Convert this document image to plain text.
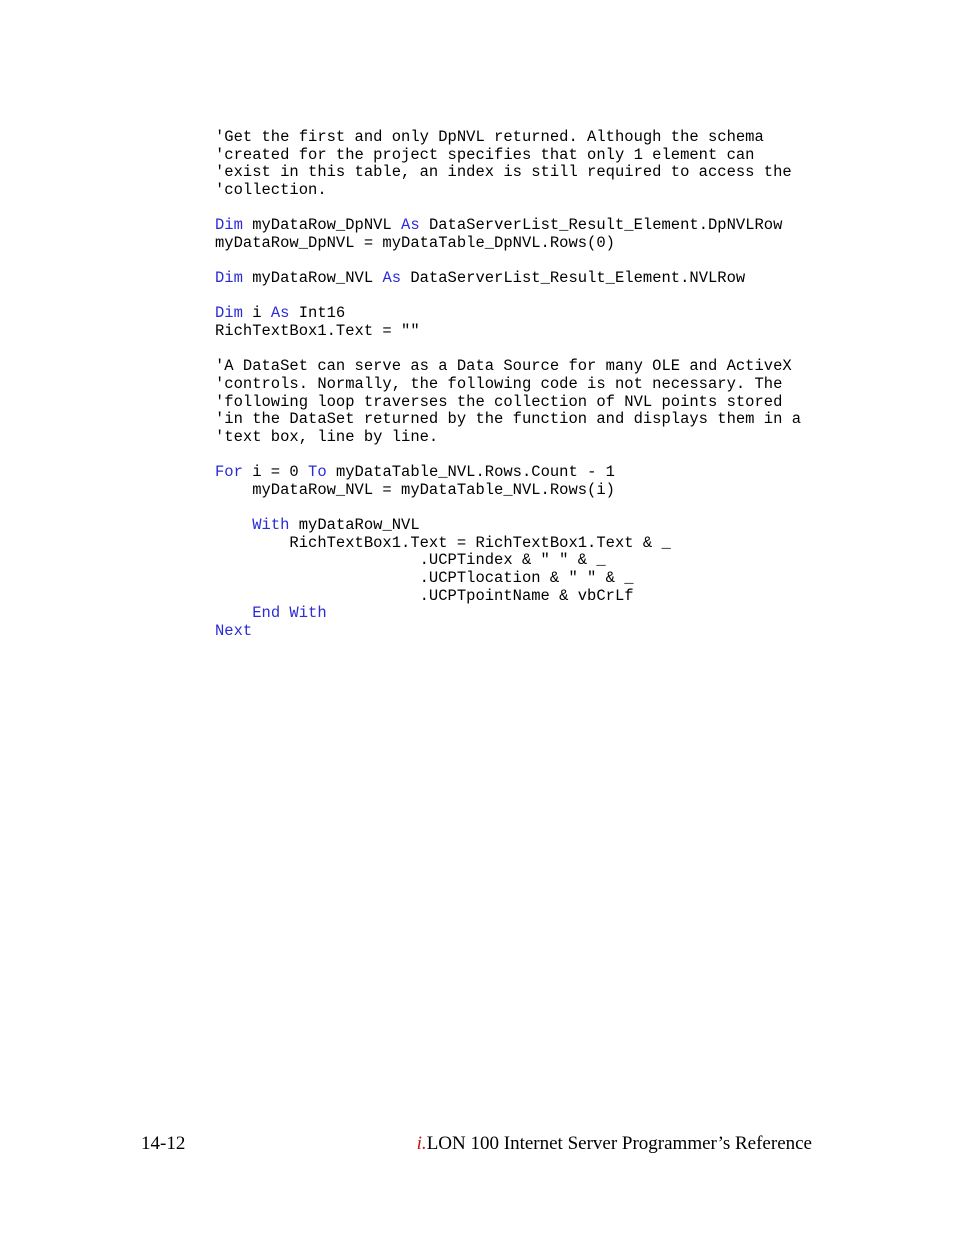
'Get the first and only DpNVL returned. Although the schema
'created for the project specifies that only 1 element can
'exist in this table, an index is still required to access the
'collection.

Dim myDataRow_DpNVL As DataServerList_Result_Element.DpNVLRow
myDataRow_DpNVL = myDataTable_DpNVL.Rows(0)

Dim myDataRow_NVL As DataServerList_Result_Element.NVLRow

Dim i As Int16
RichTextBox1.Text = ""

'A DataSet can serve as a Data Source for many OLE and ActiveX
'controls. Normally, the following code is not necessary. The
'following loop traverses the collection of NVL points stored
'in the DataSet returned by the function and displays them in a
'text box, line by line.

For i = 0 To myDataTable_NVL.Rows.Count - 1
myDataRow_NVL = myDataTable_NVL.Rows(i)

With myDataRow_NVL
RichTextBox1.Text = RichTextBox1.Text & _
.UCPTindex & " " & _
.UCPTlocation & " " & _
.UCPTpointName & vbCrLf
End With
Next
14-12	i.LON 100 Internet Server Programmer’s Reference
